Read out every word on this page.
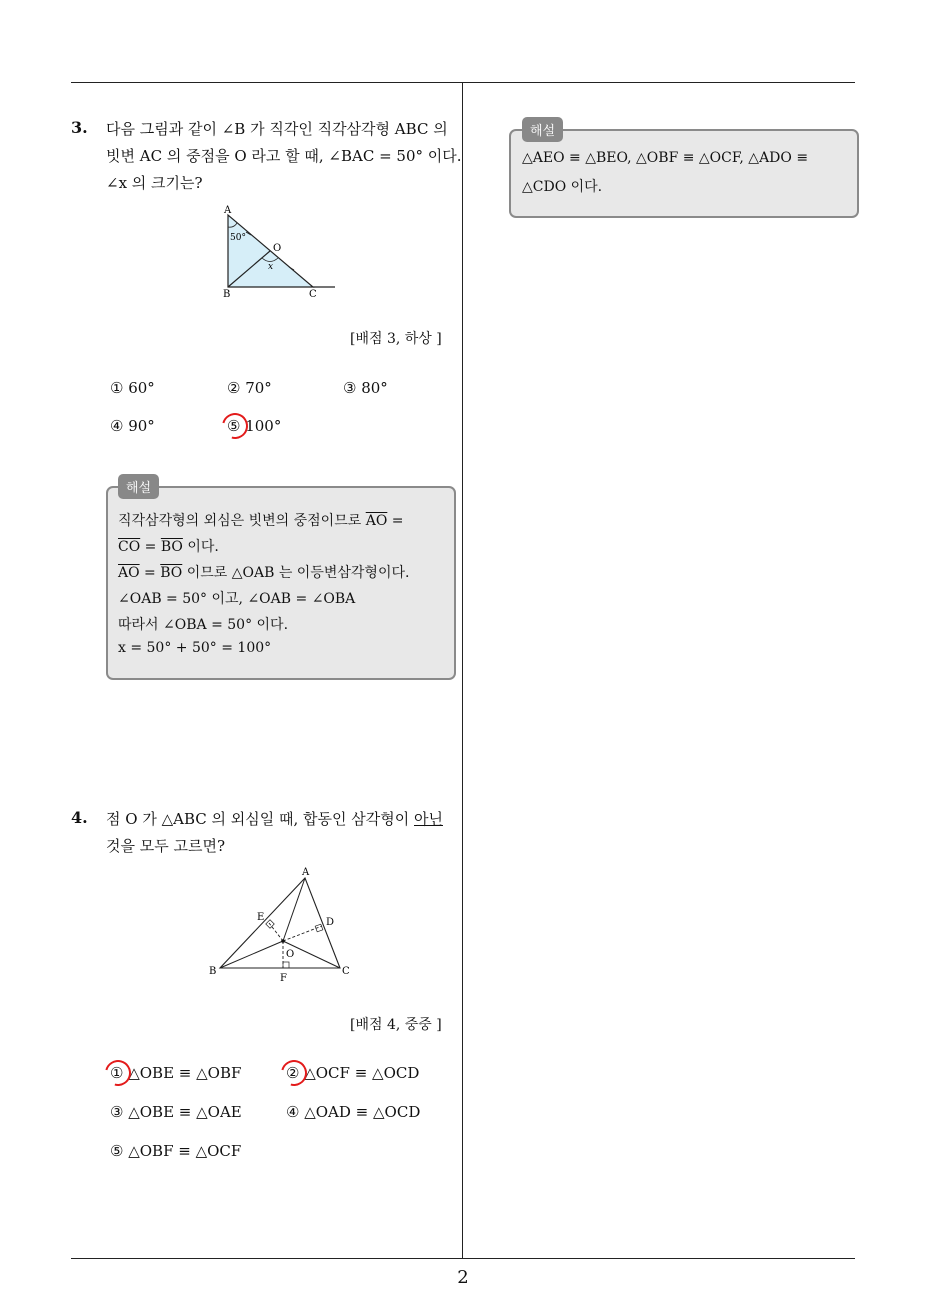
3. 다음 그림과 같이 ∠B 가 직각인 직각삼각형 ABC 의
빗변 AC 의 중점을 O 라고 할 때, ∠BAC = 50° 이다.
∠x 의 크기는?
A
B	C
O
50°
x
[배점 3, 하상 ]
① 60°	② 70°	③ 80°
④ 90°	⑤ 100°
해설
직각삼각형의 외심은 빗변의 중점이므로 $\overline{AO}$ =
$\overline{CO} = \overline{BO}$ 이다.
$\overline{AO} = \overline{BO}$ 이므로 △OAB 는 이등변삼각형이다.
∠OAB = 50° 이고, ∠OAB = ∠OBA
따라서 ∠OBA = 50° 이다.
x = 50° + 50° = 100°
4. 점 O 가 △ABC 의 외심일 때, 합동인 삼각형이 아닌
것을 모두 고르면?
A
B	C
D
E
F
O
[배점 4, 중중 ]
① △OBE ≡ △OBF	② △OCF ≡ △OCD
③ △OBE ≡ △OAE	④ △OAD ≡ △OCD
⑤ △OBF ≡ △OCF
해설
△AEO ≡ △BEO, △OBF ≡ △OCF, △ADO ≡
△CDO 이다.
2
